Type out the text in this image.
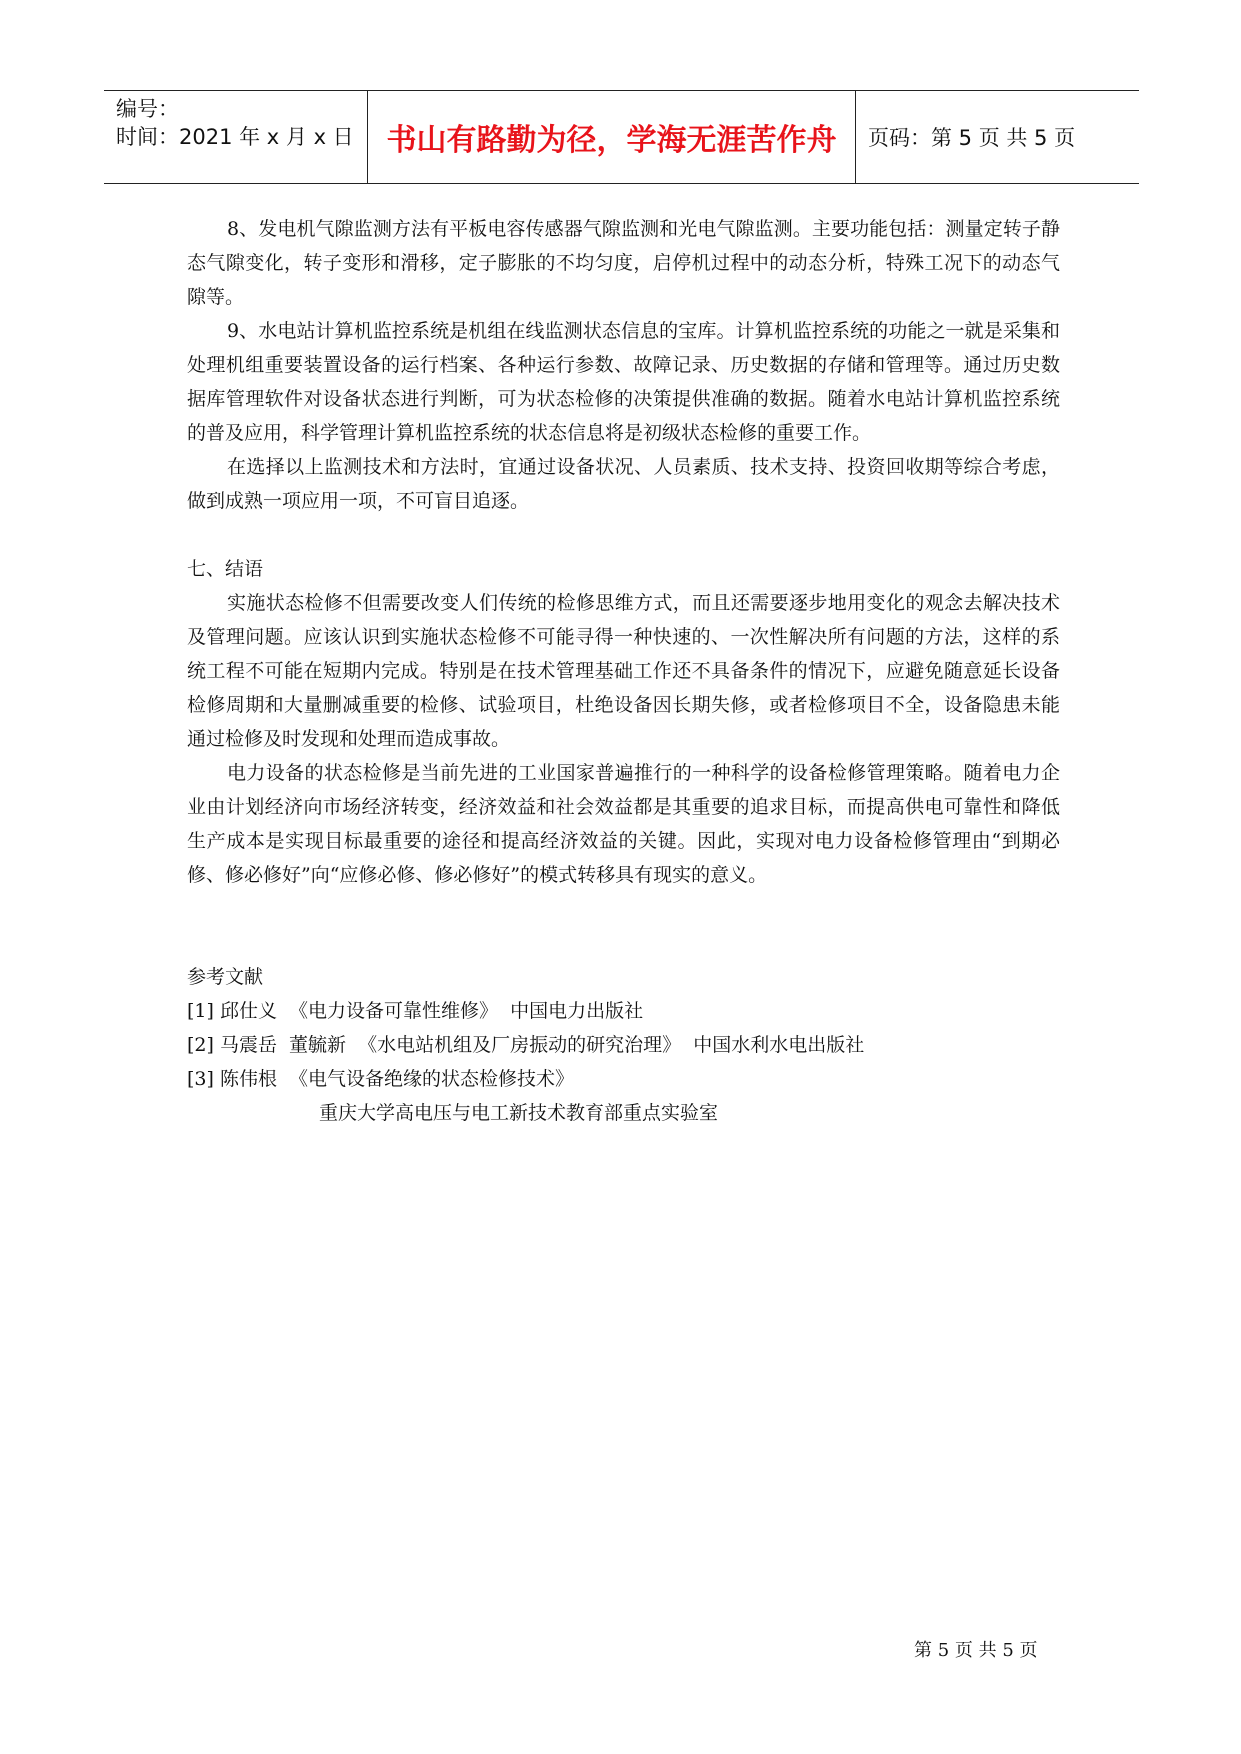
编号：
时间：2021 年 x 月 x 日	书山有路勤为径，学海无涯苦作舟	页码：第 5 页 共 5 页

8、发电机气隙监测方法有平板电容传感器气隙监测和光电气隙监测。主要功能包括：测量定转子静态气隙变化，转子变形和滑移，定子膨胀的不均匀度，启停机过程中的动态分析，特殊工况下的动态气隙等。

9、水电站计算机监控系统是机组在线监测状态信息的宝库。计算机监控系统的功能之一就是采集和处理机组重要装置设备的运行档案、各种运行参数、故障记录、历史数据的存储和管理等。通过历史数据库管理软件对设备状态进行判断，可为状态检修的决策提供准确的数据。随着水电站计算机监控系统的普及应用，科学管理计算机监控系统的状态信息将是初级状态检修的重要工作。

在选择以上监测技术和方法时，宜通过设备状况、人员素质、技术支持、投资回收期等综合考虑，做到成熟一项应用一项，不可盲目追逐。

七、结语

实施状态检修不但需要改变人们传统的检修思维方式，而且还需要逐步地用变化的观念去解决技术及管理问题。应该认识到实施状态检修不可能寻得一种快速的、一次性解决所有问题的方法，这样的系统工程不可能在短期内完成。特别是在技术管理基础工作还不具备条件的情况下，应避免随意延长设备检修周期和大量删减重要的检修、试验项目，杜绝设备因长期失修，或者检修项目不全，设备隐患未能通过检修及时发现和处理而造成事故。

电力设备的状态检修是当前先进的工业国家普遍推行的一种科学的设备检修管理策略。随着电力企业由计划经济向市场经济转变，经济效益和社会效益都是其重要的追求目标，而提高供电可靠性和降低生产成本是实现目标最重要的途径和提高经济效益的关键。因此，实现对电力设备检修管理由“到期必修、修必修好”向“应修必修、修必修好”的模式转移具有现实的意义。

参考文献

[1] 邱仕义  《电力设备可靠性维修》  中国电力出版社

[2] 马震岳  董毓新  《水电站机组及厂房振动的研究治理》  中国水利水电出版社

[3] 陈伟根  《电气设备绝缘的状态检修技术》

重庆大学高电压与电工新技术教育部重点实验室

第 5 页 共 5 页
